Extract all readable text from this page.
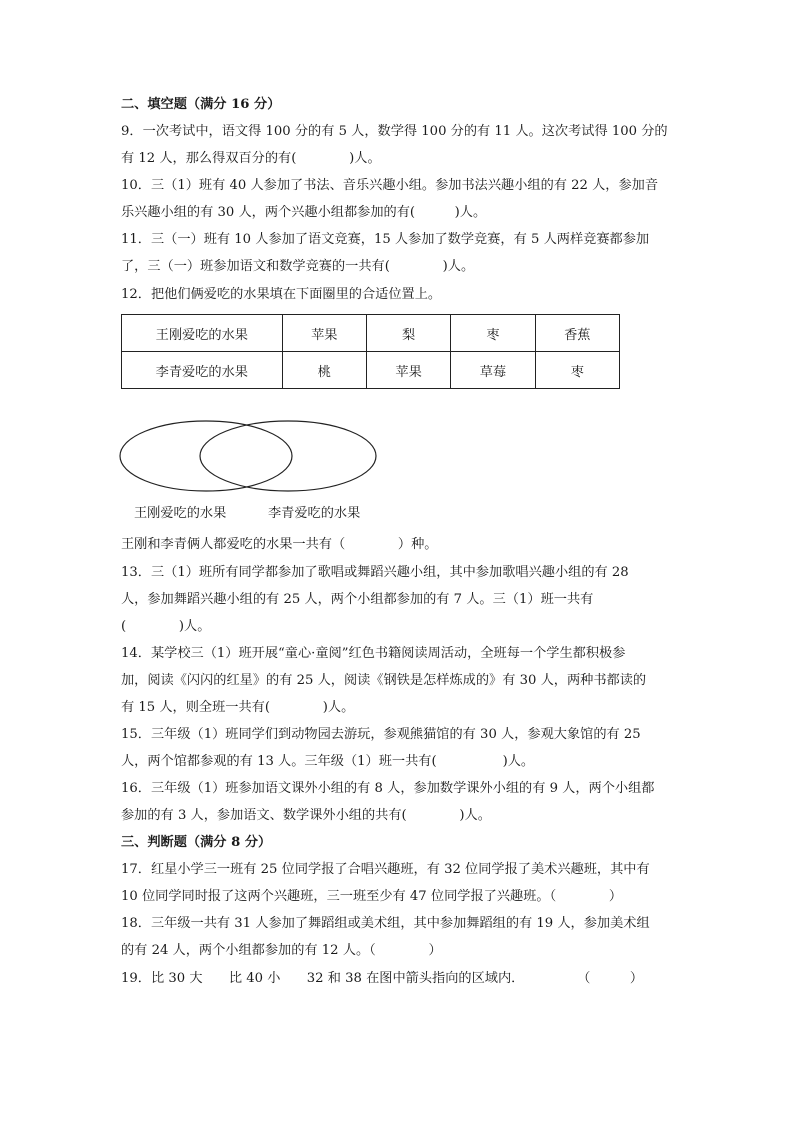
二、填空题（满分 16 分）
9．一次考试中，语文得 100 分的有 5 人，数学得 100 分的有 11 人。这次考试得 100 分的
有 12 人，那么得双百分的有(　　　　)人。
10．三（1）班有 40 人参加了书法、音乐兴趣小组。参加书法兴趣小组的有 22 人，参加音
乐兴趣小组的有 30 人，两个兴趣小组都参加的有(　　　)人。
11．三（一）班有 10 人参加了语文竞赛，15 人参加了数学竞赛，有 5 人两样竞赛都参加
了，三（一）班参加语文和数学竞赛的一共有(　　　　)人。
12．把他们俩爱吃的水果填在下面圈里的合适位置上。
王刚爱吃的水果	苹果	梨	枣	香蕉
李青爱吃的水果	桃	苹果	草莓	枣
王刚爱吃的水果	李青爱吃的水果
王刚和李青俩人都爱吃的水果一共有（　　　　）种。
13．三（1）班所有同学都参加了歌唱或舞蹈兴趣小组，其中参加歌唱兴趣小组的有 28
人，参加舞蹈兴趣小组的有 25 人，两个小组都参加的有 7 人。三（1）班一共有
(　　　　)人。
14．某学校三（1）班开展“童心·童阅”红色书籍阅读周活动，全班每一个学生都积极参
加，阅读《闪闪的红星》的有 25 人，阅读《钢铁是怎样炼成的》有 30 人，两种书都读的
有 15 人，则全班一共有(　　　　)人。
15．三年级（1）班同学们到动物园去游玩，参观熊猫馆的有 30 人，参观大象馆的有 25
人，两个馆都参观的有 13 人。三年级（1）班一共有(　　　　　)人。
16．三年级（1）班参加语文课外小组的有 8 人，参加数学课外小组的有 9 人，两个小组都
参加的有 3 人，参加语文、数学课外小组的共有(　　　　)人。
三、判断题（满分 8 分）
17．红星小学三一班有 25 位同学报了合唱兴趣班，有 32 位同学报了美术兴趣班，其中有
10 位同学同时报了这两个兴趣班，三一班至少有 47 位同学报了兴趣班。（　　　　）
18．三年级一共有 31 人参加了舞蹈组或美术组，其中参加舞蹈组的有 19 人，参加美术组
的有 24 人，两个小组都参加的有 12 人。（　　　　）
19．比 30 大　　比 40 小　　32 和 38 在图中箭头指向的区域内．　　　　　（　　　）
